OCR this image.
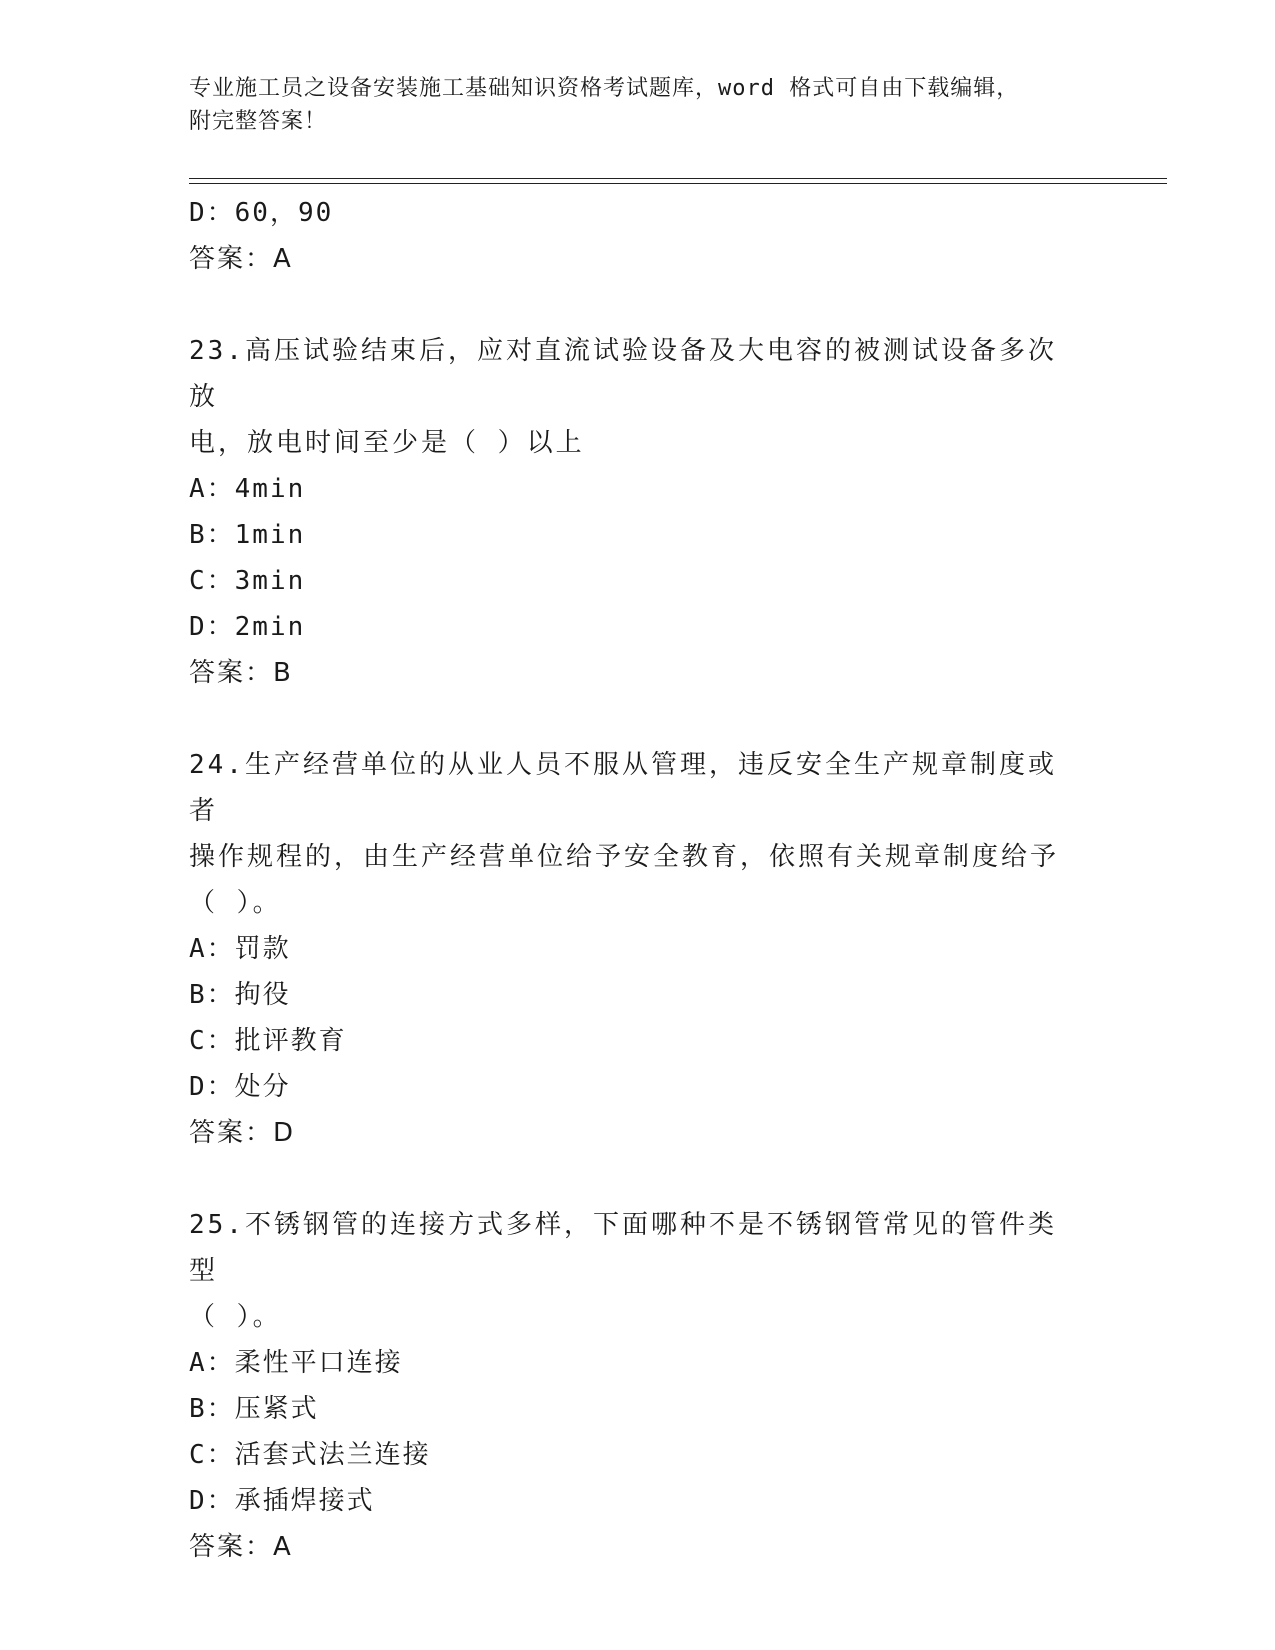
专业施工员之设备安装施工基础知识资格考试题库，word 格式可自由下载编辑，
附完整答案！
D：60，90
答案：A
23.高压试验结束后，应对直流试验设备及大电容的被测试设备多次放
电，放电时间至少是（ ）以上
A：4min
B：1min
C：3min
D：2min
答案：B
24.生产经营单位的从业人员不服从管理，违反安全生产规章制度或者
操作规程的，由生产经营单位给予安全教育，依照有关规章制度给予
（ ）。
A：罚款
B：拘役
C：批评教育
D：处分
答案：D
25.不锈钢管的连接方式多样，下面哪种不是不锈钢管常见的管件类型
（ ）。
A：柔性平口连接
B：压紧式
C：活套式法兰连接
D：承插焊接式
答案：A
